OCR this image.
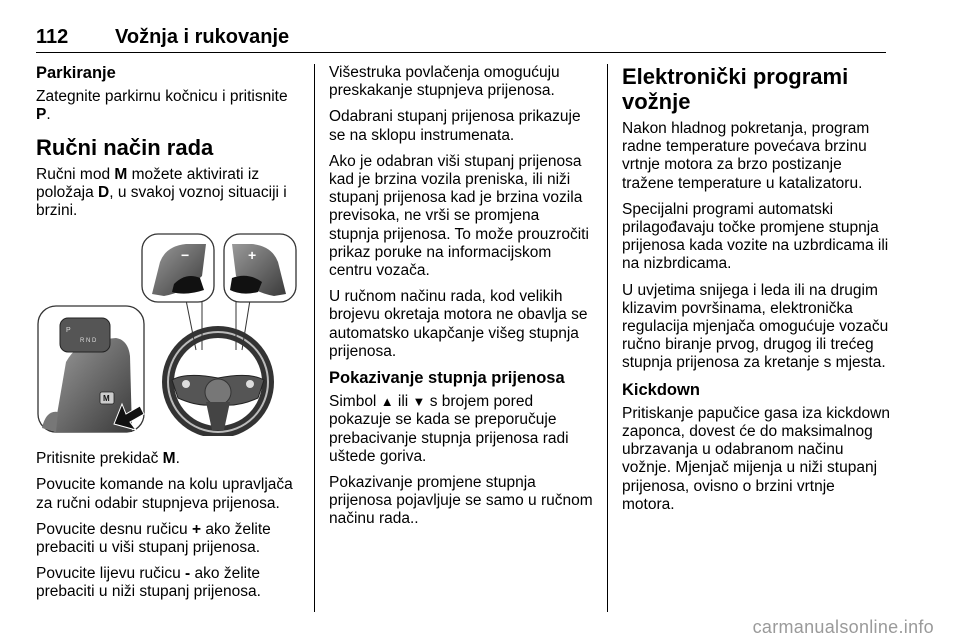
112 Vožnja i rukovanje
Parkiranje

Zategnite parkirnu kočnicu i pritisnite P.

Ručni način rada

Ručni mod M možete aktivirati iz položaja D, u svakoj voznoj situaciji i brzini.

P
R N D
M
−	+

Pritisnite prekidač M.

Povucite komande na kolu upravljača za ručni odabir stupnjeva prijenosa.

Povucite desnu ručicu + ako želite prebaciti u viši stupanj prijenosa.

Povucite lijevu ručicu - ako želite prebaciti u niži stupanj prijenosa.

Višestruka povlačenja omogućuju preskakanje stupnjeva prijenosa.

Odabrani stupanj prijenosa prikazuje se na sklopu instrumenata.

Ako je odabran viši stupanj prijenosa kad je brzina vozila preniska, ili niži stupanj prijenosa kad je brzina vozila previsoka, ne vrši se promjena stupnja prijenosa. To može prouzročiti prikaz poruke na informacijskom centru vozača.

U ručnom načinu rada, kod velikih brojevu okretaja motora ne obavlja se automatsko ukapčanje višeg stupnja prijenosa.

Pokazivanje stupnja prijenosa

Simbol ▲ ili ▼ s brojem pored pokazuje se kada se preporučuje prebacivanje stupnja prijenosa radi uštede goriva.

Pokazivanje promjene stupnja prijenosa pojavljuje se samo u ručnom načinu rada..

Elektronički programi vožnje

Nakon hladnog pokretanja, program radne temperature povećava brzinu vrtnje motora za brzo postizanje tražene temperature u katalizatoru.

Specijalni programi automatski prilagođavaju točke promjene stupnja prijenosa kada vozite na uzbrdicama ili na nizbrdicama.

U uvjetima snijega i leda ili na drugim klizavim površinama, elektronička regulacija mjenjača omogućuje vozaču ručno biranje prvog, drugog ili trećeg stupnja prijenosa za kretanje s mjesta.

Kickdown

Pritiskanje papučice gasa iza kickdown zaponca, dovest će do maksimalnog ubrzavanja u odabranom načinu vožnje. Mjenjač mijenja u niži stupanj prijenosa, ovisno o brzini vrtnje motora.

carmanualsonline.info
